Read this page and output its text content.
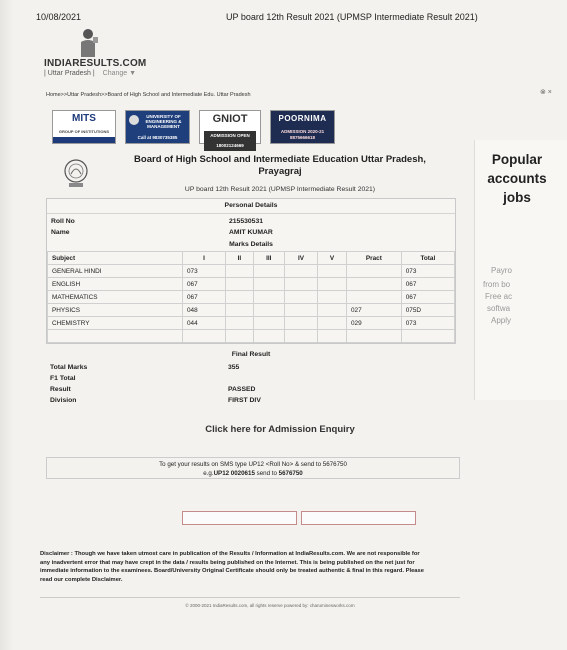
10/08/2021	UP board 12th Result 2021 (UPMSP Intermediate Result 2021)
INDIARESULTS.COM
| Uttar Pradesh | Change ▼
Home>>Uttar Pradesh>>Board of High School and Intermediate Edu. Uttar Pradesh	⊗ ×
MITS
GROUP OF INSTITUTIONS
UNIVERSITY OF ENGINEERING & MANAGEMENT
Call at 9830735385
GNIOT
ADMISSION OPEN 18002124669
POORNIMA
ADMISSION 2020-21 8875666618
Popular
accounts
jobs
Payro
from bo
Free ac
softwa
Apply
Board of High School and Intermediate Education Uttar Pradesh,
Prayagraj
UP board 12th Result 2021 (UPMSP Intermediate Result 2021)
Personal Details
Roll No	215530531
Name	AMIT KUMAR
Marks Details
Subject	I	II	III	IV	V	Pract	Total
GENERAL HINDI	073						073
ENGLISH	067						067
MATHEMATICS	067						067
PHYSICS	048					027	075D
CHEMISTRY	044					029	073

Final Result
Total Marks	355
F1 Total
Result	PASSED
Division	FIRST DIV
Click here for Admission Enquiry
To get your results on SMS type UP12 <Roll No> & send to 5676750
e.g.UP12 0020615 send to 5676750
Disclaimer : Though we have taken utmost care in publication of the Results / Information at IndiaResults.com. We are not responsible for any inadvertent error that may have crept in the data / results being published on the Internet. This is being published on the net just for immediate information to the examinees. Board/University Original Certificate should only be treated authentic & final in this regard. Please read our complete Disclaimer.
© 2000-2021 IndiaResults.com, all rights reserve powered by: charuminesworks.com
